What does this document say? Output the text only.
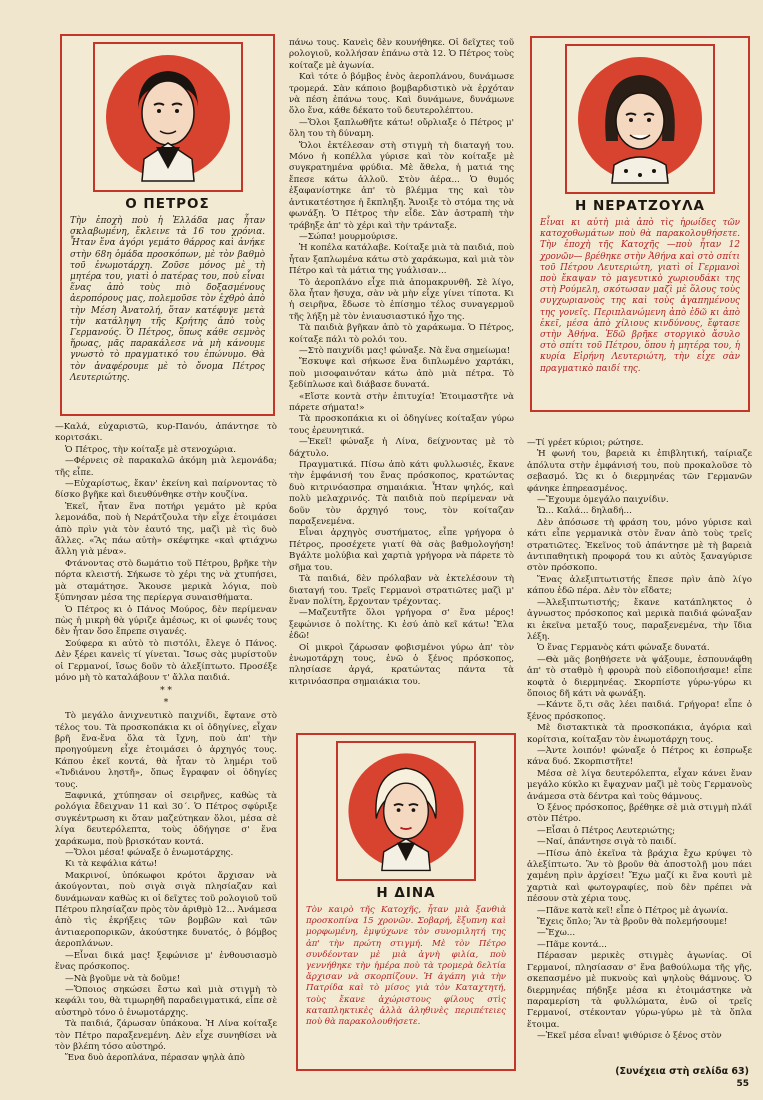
Ο ΠΕΤΡΟΣ
Τὴν ἐποχὴ ποὺ ἡ Ἑλλάδα μας ἦταν σκλαβωμένη, ἔκλεινε τὰ 16 του χρόνια. Ἦταν ἕνα ἀγόρι γεμάτο θάρρος καὶ ἀνήκε στὴν 68η ὁμάδα προσκόπων, μὲ τὸν βαθμὸ τοῦ ἐνωμοτάρχη. Ζοῦσε μόνος μὲ τὴ μητέρα του, γιατὶ ὁ πατέρας του, ποὺ εἶναι ἕνας ἀπὸ τοὺς πιὸ δοξασμένους ἀεροπόρους μας, πολεμοῦσε τὸν ἐχθρὸ ἀπὸ τὴν Μέση Ἀνατολή, ὅταν κατέφυγε μετὰ τὴν κατάληψη τῆς Κρήτης ἀπὸ τοὺς Γερμανούς. Ὁ Πέτρος, ὅπως κάθε σεμνὸς ἥρωας, μᾶς παρακάλεσε νὰ μὴ κάνουμε γνωστὸ τὸ πραγματικό του ἐπώνυμο. Θὰ τὸν ἀναφέρουμε μὲ τὸ ὄνομα Πέτρος Λευτεριώτης.

—Καλά, εὐχαριστῶ, κυρ-Πανόυ, ἀπάντησε τὸ κοριτσάκι.

Ὁ Πέτρος, τὴν κοίταξε μὲ στενοχώρια.

—Φέρνεις σὲ παρακαλῶ ἀκόμη μιὰ λεμονάδα; τῆς εἶπε.

—Εὐχαρίστως, ἔκαν' ἐκείνη καὶ παίρνοντας τὸ δίσκο βγῆκε καὶ διευθύνθηκε στὴν κουζίνα.

Ἐκεῖ, ἦταν ἕνα ποτήρι γεμάτο μὲ κρύα λεμονάδα, ποὺ ἡ Νεράτζουλα τὴν εἶχε ἑτοιμάσει ἀπὸ πρὶν γιὰ τὸν ἑαυτό της, μαζὶ μὲ τὶς δυὸ ἄλλες. «Ἂς πάω αὐτὴ» σκέφτηκε «καὶ φτιάχνω ἄλλη γιὰ μένα».

Φτάνοντας στὸ δωμάτιο τοῦ Πέτρου, βρῆκε τὴν πόρτα κλειστή. Σήκωσε τὸ χέρι της νὰ χτυπήσει, μὰ σταμάτησε. Ἄκουσε μερικὰ λόγια, ποὺ ξύπνησαν μέσα της περίεργα συναισθήματα.

Ὁ Πέτρος κι ὁ Πάνος Μούρος, δὲν περίμεναν πὼς ἡ μικρὴ θὰ γύριζε ἀμέσως, κι οἱ φωνές τους δὲν ἦταν ὅσο ἔπρεπε σιγανές.

Σούφερα κι αὐτὸ τὸ πιστόλι, ἔλεγε ὁ Πάνος. Δὲν ξέρει κανεὶς τί γίνεται. Ἴσως σὰς μυρίστοῦν οἱ Γερμανοί, ἴσως δοῦν τὸ ἀλεξίπτωτο. Προσέξε μόνο μὴ τὸ καταλάβουν τ' ἄλλα παιδιά.

* *
*

Τὸ μεγάλο ἀνιχνευτικὸ παιχνίδι, ἔφτανε στὸ τέλος του. Τὰ προσκοπάκια κι οἱ ὁδηγίνες, εἶχαν βρῆ ἕνα-ἕνα ὅλα τὰ ἴχνη, ποὺ ἀπ' τὴν προηγούμενη εἶχε ἑτοιμάσει ὁ ἀρχηγός τους. Κάπου ἐκεῖ κοντά, θὰ ἦταν τὸ λημέρι τοῦ «Ἰνδιάνου ληστῆ», ὅπως ἔγραφαν οἱ ὁδηγίες τους.

Ξαφνικά, χτύπησαν οἱ σειρῆνες, καθὼς τὰ ρολόγια ἔδειχναν 11 καὶ 30΄. Ὁ Πέτρος σφύριξε συγκέντρωση κι ὅταν μαζεύτηκαν ὅλοι, μέσα σὲ λίγα δευτερόλεπτα, τοὺς ὁδήγησε σ' ἕνα χαράκωμα, ποὺ βρισκόταν κοντά.

—Ὅλοι μέσα! φώναξε ὁ ἐνωμοτάρχης.

Κι τὰ κεφάλια κάτω!

Μακρινοί, ὑπόκωφοι κρότοι ἄρχισαν νὰ ἀκούγονται, ποὺ σιγὰ σιγὰ πλησίαζαν καὶ δυνάμωναν καθὼς κι οἱ δεῖχτες τοῦ ρολογιοῦ τοῦ Πέτρου πλησίαζαν πρὸς τὸν ἀριθμὸ 12... Ἀνάμεσα ἀπὸ τὶς ἐκρήξεις τῶν βομβῶν καὶ τῶν ἀντιαεροπορικῶν, ἀκούστηκε δυνατός, ὁ βόμβος ἀεροπλάνων.

—Εἶναι δικά μας! ξεφώνισε μ' ἐνθουσιασμὸ ἕνας πρόσκοπος.

—Νὰ βγοῦμε νὰ τὰ δοῦμε!

—Ὅποιος σηκώσει ἔστω καὶ μιὰ στιγμὴ τὸ κεφάλι του, θὰ τιμωρηθῆ παραδειγματικά, εἶπε σὲ αὐστηρὸ τόνο ὁ ἐνωμοτάρχης.

Τὰ παιδιά, ζάρωσαν ὑπάκουα. Ἡ Λίνα κοίταξε τὸν Πέτρο παραξενεμένη. Δὲν εἶχε συνηθίσει νὰ τὸν βλέπη τόσο αὐστηρό.

Ἕνα δυὸ ἀεροπλάνα, πέρασαν ψηλὰ ἀπὸ

πάνω τους. Κανεὶς δὲν κουνήθηκε. Οἱ δεῖχτες τοῦ ρολογιοῦ, κολλήσαν ἐπάνω στὰ 12. Ὁ Πέτρος τοὺς κοίταζε μὲ ἀγωνία.

Καὶ τότε ὁ βόμβος ἑνὸς ἀεροπλάνου, δυνάμωσε τρομερά. Σὰν κάποιο βομβαρδιστικὸ νὰ ἐρχόταν νὰ πέση ἐπάνω τους. Καὶ δυνάμωνε, δυνάμωνε ὅλο ἕνα, κάθε δέκατο τοῦ δευτερολέπτου.

—Ὅλοι ξαπλωθῆτε κάτω! οὔρλιαξε ὁ Πέτρος μ' ὅλη του τὴ δύναμη.

Ὅλοι ἐκτέλεσαν στὴ στιγμὴ τὴ διαταγή του. Μόνο ἡ κοπέλλα γύρισε καὶ τὸν κοίταξε μὲ συγκρατημένα φρύδια. Μὲ ἄθελα, ἡ ματιά της ἔπεσε κάτω ἀλλοῦ. Στὸν ἀέρα... Ὁ θυμός ἐξαφανίστηκε ἀπ' τὸ βλέμμα της καὶ τὸν ἀντικατέστησε ἡ ἔκπληξη. Ἄνοιξε τὸ στόμα της νὰ φωνάξη. Ὁ Πέτρος τὴν εἶδε. Σὰν ἀστραπὴ τὴν τράβηξε ἀπ' τὸ χέρι καὶ τὴν τράνταξε.

—Σώπα! μουρμούρισε.

Ἡ κοπέλα κατάλαβε. Κοίταξε μιὰ τὰ παιδιά, ποὺ ἦταν ξαπλωμένα κάτω στὸ χαράκωμα, καὶ μιὰ τὸν Πέτρο καὶ τὰ μάτια της γυάλισαν...

Τὸ ἀεροπλάνο εἶχε πιὰ ἀπομακρυνθῆ. Σὲ λίγο, ὅλα ἦταν ἥσυχα, σὰν νὰ μὴν εἶχε γίνει τίποτα. Κι ἡ σειρῆνα, ἔδωσε τὸ ἐπίσημο τέλος συναγερμοῦ τῆς λήξη μὲ τὸν ἐνιαυσιαστικό ἦχο της.

Τὰ παιδιὰ βγῆκαν ἀπὸ τὸ χαράκωμα. Ὁ Πέτρος, κοίταξε πάλι τὸ ρολόι του.

—Στὸ παιχνίδι μας! φώναξε. Νὰ ἕνα σημείωμα!

Ἔσκυψε καὶ σήκωσε ἕνα διπλωμένο χαρτάκι, ποὺ μισοφαινόταν κάτω ἀπὸ μιὰ πέτρα. Τὸ ξεδίπλωσε καὶ διάβασε δυνατά.

«Εἴστε κοντὰ στὴν ἐπιτυχία! Ἑτοιμαστῆτε νὰ πάρετε σήματα!»

Τὰ προσκοπάκια κι οἱ ὁδηγίνες κοίταξαν γύρω τους ἐρευνητικά.

—Ἐκεῖ! φώναξε ἡ Λίνα, δείχνοντας μὲ τὸ δάχτυλο.

Πραγματικά. Πίσω ἀπὸ κάτι φυλλωσιές, ἔκανε τὴν ἐμφάνισή του ἕνας πρόσκοπος, κρατώντας δυὸ κιτρινόασπρα σημαιάκια. Ἦταν ψηλός, καὶ πολὺ μελαχρινός. Τὰ παιδιὰ ποὺ περίμεναν νὰ δοῦν τὸν ἀρχηγό τους, τὸν κοίταζαν παραξενεμένα.

Εἶναι ἀρχηγὸς συστήματος, εἶπε γρήγορα ὁ Πέτρος, προσέχετε γιατί θὰ σὰς βαθμολογήση! Βγάλτε μολύβια καὶ χαρτιὰ γρήγορα νὰ πάρετε τὸ σῆμα του.

Τὰ παιδιά, δὲν πρόλαβαν νὰ ἐκτελέσουν τὴ διαταγή του. Τρεῖς Γερμανοὶ στρατιῶτες μαζὶ μ' ἕναν πολίτη, ἔρχονταν τρέχοντας.

—Μαζευτῆτε ὅλοι γρήγορα σ' ἕνα μέρος! ξεφώνισε ὁ πολίτης. Κι ἐσύ ἀπὸ κεῖ κάτω! Ἔλα ἐδῶ!

Οἱ μικροὶ ζάρωσαν φοβισμένοι γύρω ἀπ' τὸν ἐνωμοτάρχη τους, ἐνῶ ὁ ξένος πρόσκοπος, πλησίασε ἀργά, κρατώντας πάντα τὰ κιτρινόασπρα σημαιάκια του.

Η ΔΙΝΑ
Τὸν καιρὸ τῆς Κατοχῆς, ἦταν μιὰ ξανθιὰ προσκοπίνα 15 χρονῶν. Σοβαρή, ἔξυπνη καὶ μορφωμένη, ἐμψύχωνε τὸν συνομιλητή της ἀπ' τὴν πρώτη στιγμή. Μὲ τὸν Πέτρο συνδέονταν μὲ μιὰ ἁγνὴ φιλία, ποὺ γεννήθηκε τὴν ἡμέρα ποὺ τὰ τρομερὰ δελτία ἄρχισαν νὰ σκορπίζουν. Ἡ ἀγάπη γιὰ τὴν Πατρίδα καὶ τὸ μίσος γιὰ τὸν Καταχτητή, τοὺς ἔκανε ἀχώριστους φίλους στὶς καταπληκτικὲς ἀλλὰ ἀληθινὲς περιπέτειες ποὺ θὰ παρακολουθήσετε.
Η ΝΕΡΑΤΖΟΥΛΑ
Εἶναι κι αὐτὴ μιὰ ἀπὸ τὶς ἡρωίδες τῶν κατοχοθωμάτων ποὺ θὰ παρακολουθήσετε. Τὴν ἐποχὴ τῆς Κατοχῆς —ποὺ ἦταν 12 χρονῶν— βρέθηκε στὴν Ἀθήνα καὶ στὸ σπίτι τοῦ Πέτρου Λευτεριώτη, γιατὶ οἱ Γερμανοὶ ποὺ ἔκαψαν τὸ μαγευτικὸ χωριουδάκι της στὴ Ρούμελη, σκότωσαν μαζὶ μὲ ὅλους τοὺς συγχωριανοὺς της καὶ τοὺς ἀγαπημένους της γονεῖς. Περιπλανώμενη ἀπὸ ἐδῶ κι ἀπὸ ἐκεῖ, μέσα ἀπὸ χίλιους κινδύνους, ἔφτασε στὴν Ἀθήνα. Ἐδῶ βρῆκε στοργικὸ ἄσυλο στὸ σπίτι τοῦ Πέτρου, ὅπου ἡ μητέρα του, ἡ κυρία Εἰρήνη Λευτεριώτη, τὴν εἶχε σὰν πραγματικὸ παιδί της.

—Τί γρέετ κύριοι; ρώτησε.

Ἡ φωνή του, βαρειὰ κι ἐπιβλητική, ταίριαζε ἀπόλυτα στὴν ἐμφάνισή του, ποὺ προκαλοῦσε τὸ σεβασμό. Ὡς κι ὁ διερμηνέας τῶν Γερμανῶν φάνηκε ἐπηρεασμένος.

—Ἔχουμε ὁμεγάλο παιχνίδιν.

Ὥ... Καλά... δηλαδή...

Δὲν ἀπόσωσε τὴ φράση του, μόνο γύρισε καὶ κάτι εἶπε γερμανικὰ στὸν ἕναν ἀπὸ τοὺς τρεῖς στρατιῶτες. Ἐκεῖνος τοῦ ἀπάντησε μὲ τὴ βαρειὰ ἀντιπαθητικὴ προφορά του κι αὐτὸς ξαναγύρισε στὸν πρόσκοπο.

Ἕνας ἀλεξιπτωτιστής ἔπεσε πρὶν ἀπὸ λίγο κάπου ἐδῶ πέρα. Δὲν τὸν εἴδατε;

—Ἀλεξιπτωτιστής; ἔκανε κατάπληκτος ὁ ἀγνωστος πρόσκοπος καὶ μερικὰ παιδιά φώναξαν κι ἐκεῖνα μεταξύ τους, παραξενεμένα, τὴν ἴδια λέξη.

Ὁ ἕνας Γερμανὸς κάτι φώναξε δυνατά.

—Θὰ μᾶς βοηθήσετε νὰ ψάξουμε, ἐσπουνάφθη ἀπ' τὸ σταθμὸ ἡ φρουρὰ ποὺ εἰδοποιήσαμε! εἶπε κοφτὰ ὁ διερμηνέας. Σκορπίστε γύρω-γύρω κι ὅποιος δῆ κάτι νὰ φωνάξη.

—Κάντε ὅ,τι σᾶς λέει παιδιά. Γρήγορα! εἶπε ὁ ξένος πρόσκοπος.

Μὲ διστακτικὰ τὰ προσκοπάκια, ἀγόρια καὶ κορίτσια, κοίταξαν τὸν ἐνωμοτάρχη τους.

—Ἀντε λοιπόν! φώναξε ὁ Πέτρος κι ἐσπρωξε κάνα δυό. Σκορπιστῆτε!

Μέσα σὲ λίγα δευτερόλεπτα, εἶχαν κάνει ἕναν μεγάλο κύκλο κι ἔψαχναν μαζὶ μὲ τοὺς Γερμανοὺς ἀνάμεσα στὰ δέντρα καὶ τοὺς θάμνους.

Ὁ ξένος πρόσκοπος, βρέθηκε σὲ μιὰ στιγμὴ πλάϊ στὸν Πέτρο.

—Εἶσαι ὁ Πέτρος Λευτεριώτης;

—Ναί, ἀπάντησε σιγὰ τὸ παιδί.

—Πίσω ἀπὸ ἐκεῖνα τὰ βράχια ἔχω κρύψει τὸ ἀλεξίπτωτο. Ἂν τὸ βροῦν θὰ ἀποστολῇ μου πάει χαμένη πρὶν ἀρχίσει! Ἔχω μαζί κι ἕνα κουτὶ μὲ χαρτιὰ καὶ φωτογραφίες, ποὺ δὲν πρέπει νὰ πέσουν στὰ χέρια τους.

—Πᾶνε κατὰ κεῖ! εἶπε ὁ Πέτρος μὲ ἀγωνία.

Ἔχεις ὅπλο; Ἂν τὰ βροῦν θὰ πολεμήσουμε!

—Ἔχω...

—Πᾶμε κοντά...

Πέρασαν μερικὲς στιγμὲς ἀγωνίας. Οἱ Γερμανοί, πλησίασαν σ' ἕνα βαθούλωμα τῆς γῆς, σκεπασμένο μὲ πυκνοὺς καὶ ψηλοὺς θάμνους. Ὁ διερμηνέας πήδηξε μέσα κι ἑτοιμάστηκε νὰ παραμερίση τὰ φυλλώματα, ἐνῶ οἱ τρεῖς Γερμανοί, στέκονταν γύρω-γύρω μὲ τὰ ὅπλα ἕτοιμα.

—Ἐκεῖ μέσα εἶναι! ψιθύρισε ὁ ξένος στὸν

(Συνέχεια στὴ σελίδα 63)
55
